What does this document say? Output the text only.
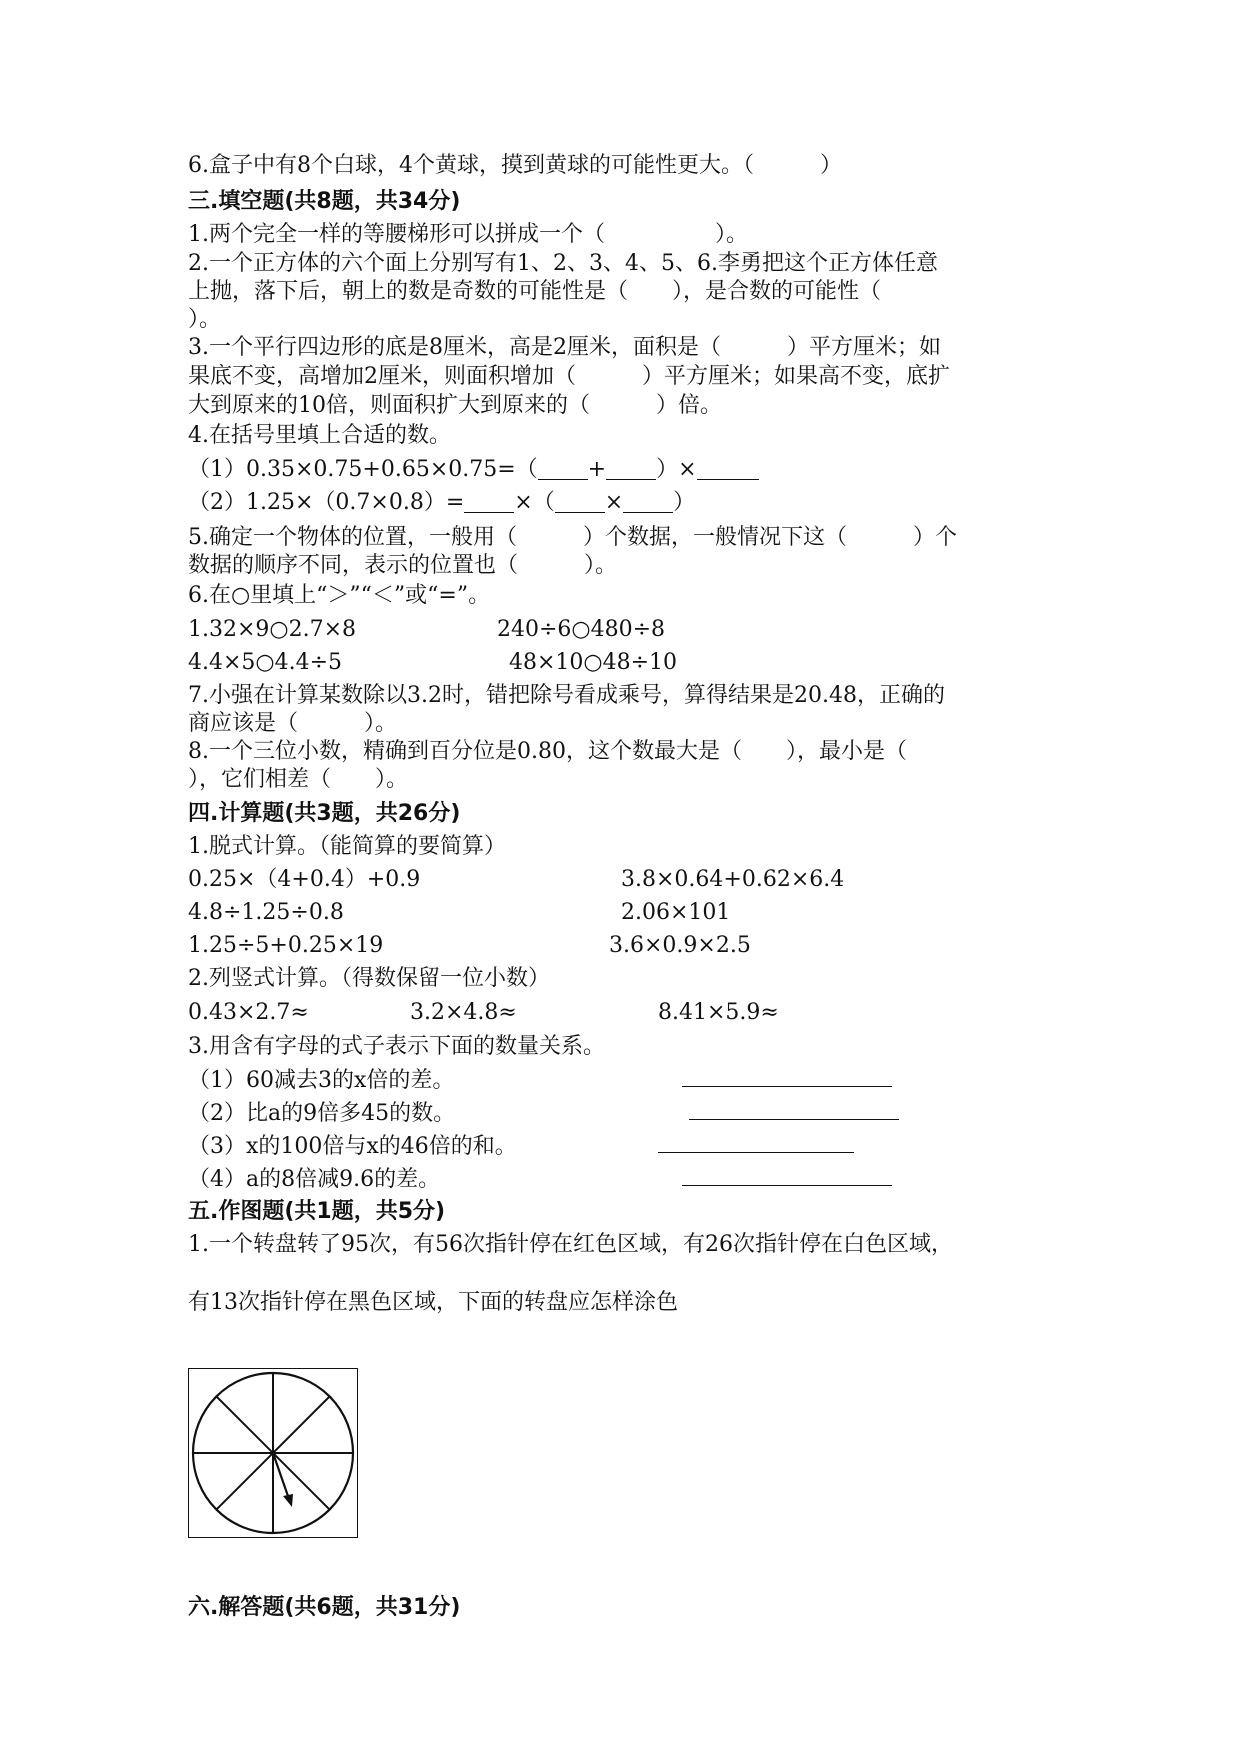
6.盒子中有8个白球，4个黄球，摸到黄球的可能性更大。（　　　）
三.填空题(共8题，共34分)
1.两个完全一样的等腰梯形可以拼成一个（　　　　　）。
2.一个正方体的六个面上分别写有1、2、3、4、5、6.李勇把这个正方体任意
上抛，落下后，朝上的数是奇数的可能性是（　　），是合数的可能性（
）。
3.一个平行四边形的底是8厘米，高是2厘米，面积是（　　　）平方厘米；如
果底不变，高增加2厘米，则面积增加（　　　）平方厘米；如果高不变，底扩
大到原来的10倍，则面积扩大到原来的（　　　）倍。
4.在括号里填上合适的数。
（1）0.35×0.75+0.65×0.75=（ + ）×
（2）1.25×（0.7×0.8）= ×（ × ）
5.确定一个物体的位置，一般用（　　　）个数据，一般情况下这（　　　）个
数据的顺序不同，表示的位置也（　　　）。
6.在○里填上“＞”“＜”或“=”。
1.32×9○2.7×8	240÷6○480÷8
4.4×5○4.4÷5	48×10○48÷10
7.小强在计算某数除以3.2时，错把除号看成乘号，算得结果是20.48，正确的
商应该是（　　　）。
8.一个三位小数，精确到百分位是0.80，这个数最大是（　　），最小是（
），它们相差（　　）。
四.计算题(共3题，共26分)
1.脱式计算。（能简算的要简算）
0.25×（4+0.4）+0.9	3.8×0.64+0.62×6.4
4.8÷1.25÷0.8	2.06×101
1.25÷5+0.25×19	3.6×0.9×2.5
2.列竖式计算。（得数保留一位小数）
0.43×2.7≈	3.2×4.8≈	8.41×5.9≈
3.用含有字母的式子表示下面的数量关系。
（1）60减去3的x倍的差。
（2）比a的9倍多45的数。
（3）x的100倍与x的46倍的和。
（4）a的8倍减9.6的差。
五.作图题(共1题，共5分)
1.一个转盘转了95次，有56次指针停在红色区域，有26次指针停在白色区域，
有13次指针停在黑色区域，下面的转盘应怎样涂色
六.解答题(共6题，共31分)
